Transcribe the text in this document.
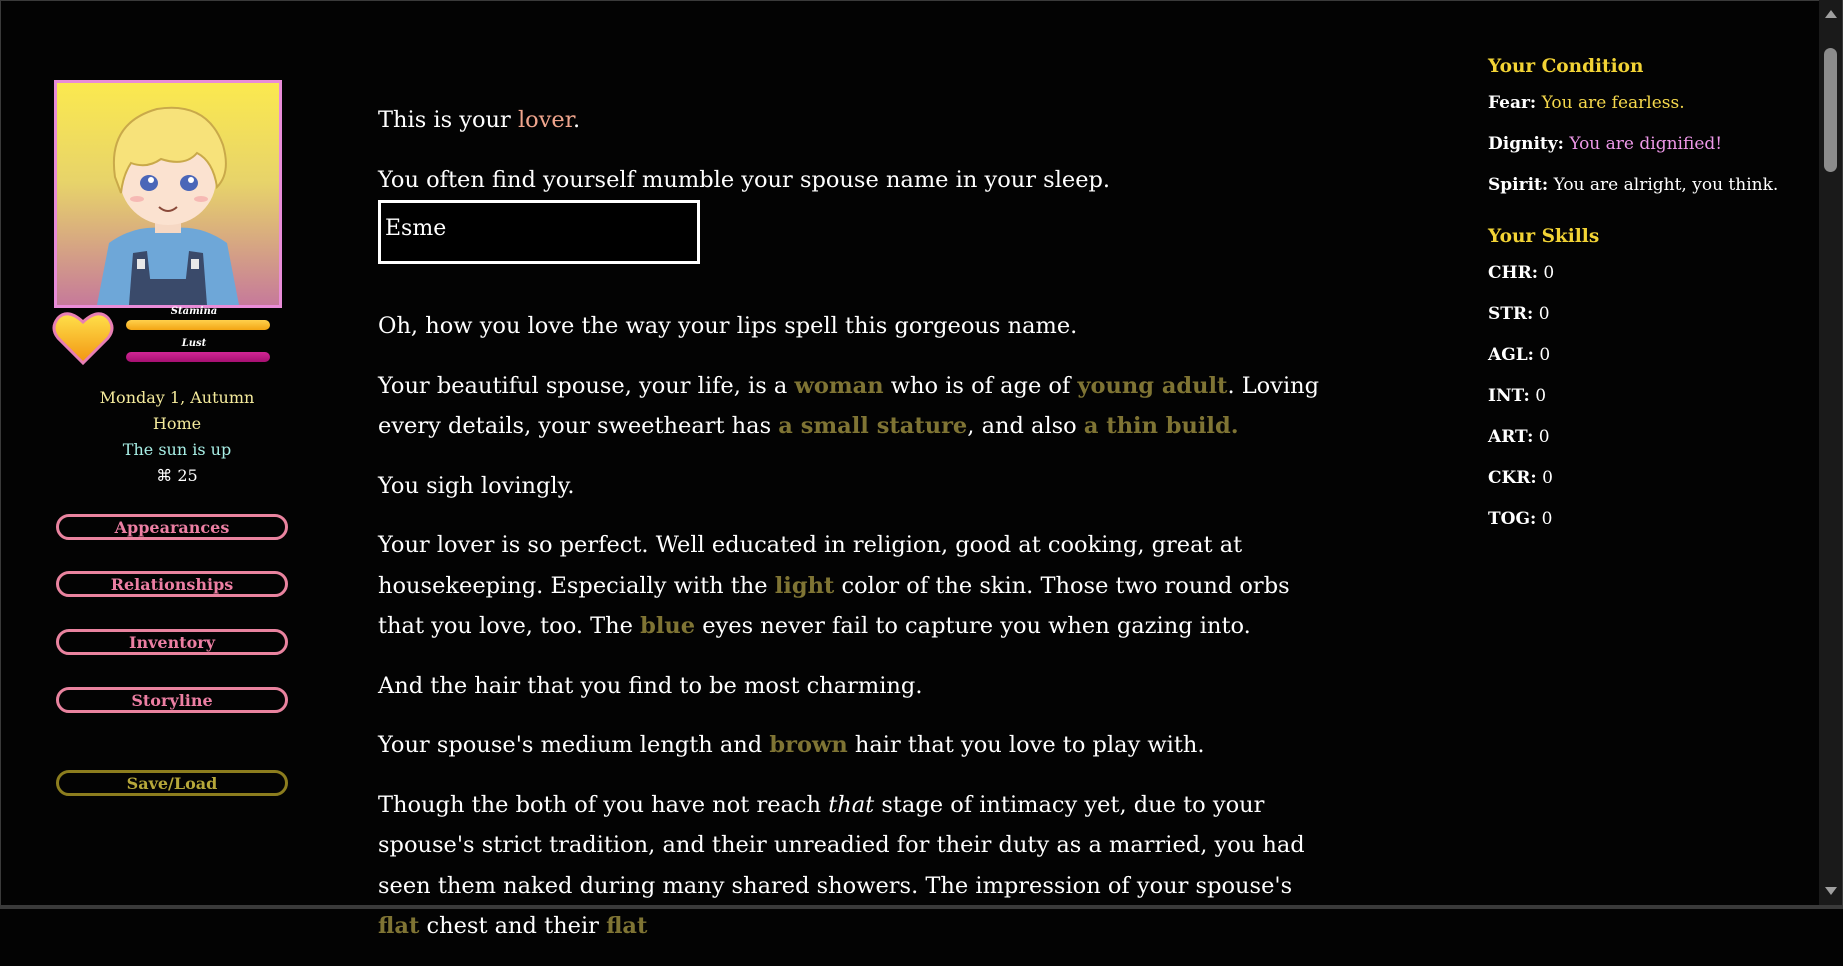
Stamina
Lust
Monday 1, Autumn
Home
The sun is up
⌘ 25
Appearances
Relationships
Inventory
Storyline
Save/Load

This is your lover.

You often find yourself mumble your spouse name in your sleep.

Esme

Oh, how you love the way your lips spell this gorgeous name.

Your beautiful spouse, your life, is a woman who is of age of young adult. Loving every details, your sweetheart has a small stature, and also a thin build.

You sigh lovingly.

Your lover is so perfect. Well educated in religion, good at cooking, great at housekeeping. Especially with the light color of the skin. Those two round orbs that you love, too. The blue eyes never fail to capture you when gazing into.

And the hair that you find to be most charming.

Your spouse's medium length and brown hair that you love to play with.

Though the both of you have not reach that stage of intimacy yet, due to your spouse's strict tradition, and their unreadied for their duty as a married, you had seen them naked during many shared showers. The impression of your spouse's flat chest and their flat

Your Condition
Fear: You are fearless.
Dignity: You are dignified!
Spirit: You are alright, you think.
Your Skills
CHR: 0
STR: 0
AGL: 0
INT: 0
ART: 0
CKR: 0
TOG: 0
